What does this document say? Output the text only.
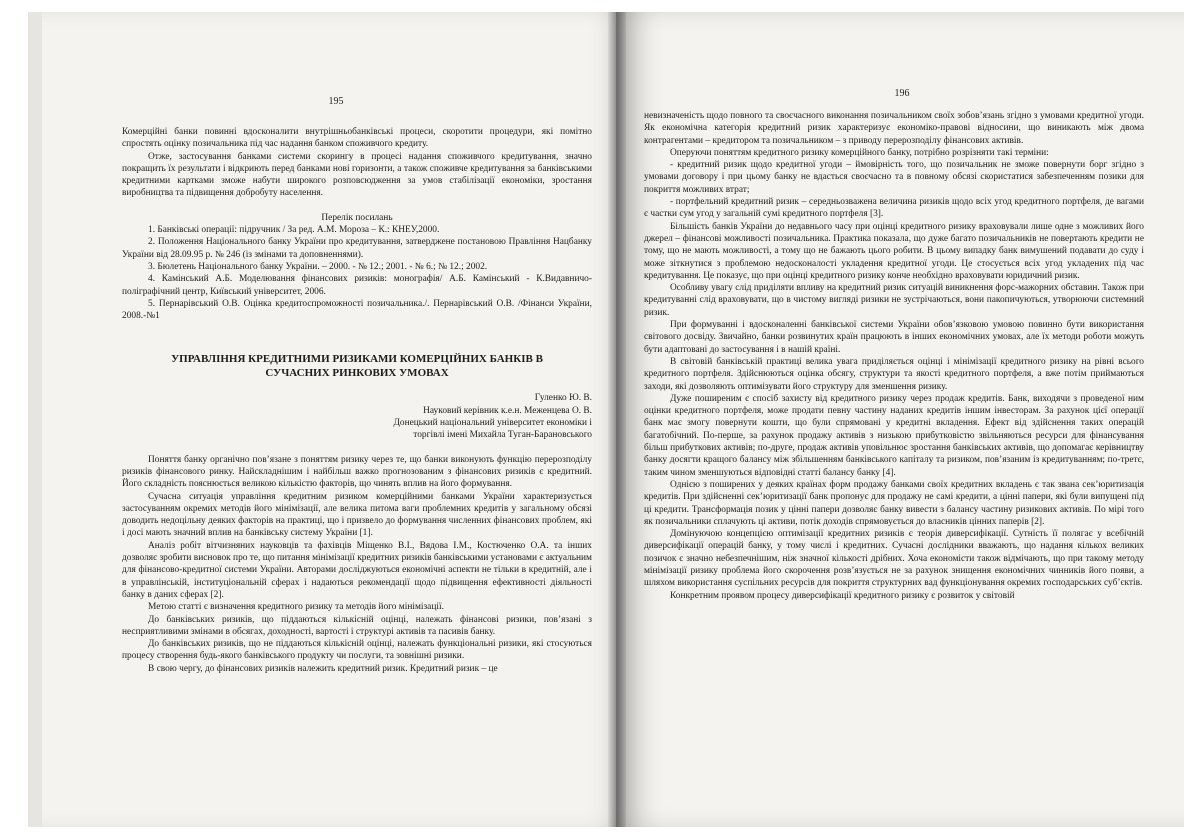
195

Комерційні банки повинні вдосконалити внутрішньобанківські процеси, скоротити процедури, які помітно спростять оцінку позичальника під час надання банком споживчого кредиту.

Отже, застосування банками системи скорингу в процесі надання споживчого кредитування, значно покращить їх результати і відкриють перед банками нові горизонти, а також споживче кредитування за банківськими кредитними картками зможе набути широкого розповсюдження за умов стабілізації економіки, зростання виробництва та підвищення добробуту населення.

Перелік посилань

1. Банківські операції: підручник / За ред. А.М. Мороза – К.: КНЕУ,2000.

2. Положення Національного банку України про кредитування, затверджене постановою Правління Нацбанку України від 28.09.95 р. № 246 (із змінами та доповненнями).

3. Бюлетень Національного банку України. – 2000. - № 12.; 2001. - № 6.; № 12.; 2002.

4. Камінський А.Б. Моделювання фінансових ризиків: монографія/ А.Б. Камінський - К.Видавничо-поліграфічний центр, Київський університет, 2006.

5. Пернарівський О.В. Оцінка кредитоспроможності позичальника./. Пернарівський О.В. /Фінанси України, 2008.-№1

УПРАВЛІННЯ КРЕДИТНИМИ РИЗИКАМИ КОМЕРЦІЙНИХ БАНКІВ В СУЧАСНИХ РИНКОВИХ УМОВАХ

Гуленко Ю. В.

Науковий керівник к.е.н. Меженцева О. В.

Донецький національний університет економіки і

торгівлі імені Михайла Туган-Барановського

Поняття банку органічно пов’язане з поняттям ризику через те, що банки виконують функцію перерозподілу ризиків фінансового ринку. Найскладнішим і найбільш важко прогнозованим з фінансових ризиків є кредитний. Його складність пояснюється великою кількістю факторів, що чинять вплив на його формування.

Сучасна ситуація управління кредитним ризиком комерційними банками України характеризується застосуванням окремих методів його мінімізації, але велика питома ваги проблемних кредитів у загальному обсязі доводить недоцільну деяких факторів на практиці, що і призвело до формування численних фінансових проблем, які і досі мають значний вплив на банківську систему України [1].

Аналіз робіт вітчизняних науковців та фахівців Міщенко В.І., Вядова І.М., Костюченко О.А. та інших дозволяє зробити висновок про те, що питання мінімізації кредитних ризиків банківськими установами є актуальним для фінансово-кредитної системи України. Авторами досліджуються економічні аспекти не тільки в кредитній, але і в управлінській, інституціональній сферах і надаються рекомендації щодо підвищення ефективності діяльності банку в даних сферах [2].

Метою статті є визначення кредитного ризику та методів його мінімізації.

До банківських ризиків, що піддаються кількісній оцінці, належать фінансові ризики, пов’язані з несприятливими змінами в обсягах, доходності, вартості і структурі активів та пасивів банку.

До банківських ризиків, що не піддаються кількісній оцінці, належать функціональні ризики, які стосуються процесу створення будь-якого банківського продукту чи послуги, та зовнішні ризики.

В свою чергу, до фінансових ризиків належить кредитний ризик. Кредитний ризик – це

196

невизначеність щодо повного та своєчасного виконання позичальником своїх зобов’язань згідно з умовами кредитної угоди. Як економічна категорія кредитний ризик характеризує економіко-правові відносини, що виникають між двома контрагентами – кредитором та позичальником – з приводу перерозподілу фінансових активів.

Оперуючи поняттям кредитного ризику комерційного банку, потрібно розрізняти такі терміни:

- кредитний ризик щодо кредитної угоди – ймовірність того, що позичальник не зможе повернути борг згідно з умовами договору і при цьому банку не вдасться своєчасно та в повному обсязі скористатися забезпеченням позики для покриття можливих втрат;

- портфельний кредитний ризик – середньозважена величина ризиків щодо всіх угод кредитного портфеля, де вагами є частки сум угод у загальній сумі кредитного портфеля [3].

Більшість банків України до недавнього часу при оцінці кредитного ризику враховували лише одне з можливих його джерел – фінансові можливості позичальника. Практика показала, що дуже багато позичальників не повертають кредити не тому, що не мають можливості, а тому що не бажають цього робити. В цьому випадку банк вимушений подавати до суду і може зіткнутися з проблемою недосконалості укладення кредитної угоди. Це стосується всіх угод укладених під час кредитування. Це показує, що при оцінці кредитного ризику конче необхідно враховувати юридичний ризик.

Особливу увагу слід приділяти впливу на кредитний ризик ситуацій виникнення форс-мажорних обставин. Також при кредитуванні слід враховувати, що в чистому вигляді ризики не зустрічаються, вони пакопичуються, утворюючи системний ризик.

При формуванні і вдосконаленні банківської системи України обов’язковою умовою повинно бути використання світового досвіду. Звичайно, банки розвинутих країн працюють в інших економічних умовах, але їх методи роботи можуть бути адаптовані до застосування і в нашій країні.

В світовій банківській практиці велика увага приділяється оцінці і мінімізації кредитного ризику на рівні всього кредитного портфеля. Здійснюються оцінка обсягу, структури та якості кредитного портфеля, а вже потім приймаються заходи, які дозволяють оптимізувати його структуру для зменшення ризику.

Дуже поширеним є спосіб захисту від кредитного ризику через продаж кредитів. Банк, виходячи з проведеної ним оцінки кредитного портфеля, може продати певну частину наданих кредитів іншим інвесторам. За рахунок цієї операції банк має змогу повернути кошти, що були спрямовані у кредитні вкладення. Ефект від здійснення таких операцій багатобічний. По-перше, за рахунок продажу активів з низькою прибутковістю звільняються ресурси для фінансування більш прибуткових активів; по-друге, продаж активів уповільнює зростання банківських активів, що допомагає керівництву банку досягти кращого балансу між збільшенням банківського капіталу та ризиком, пов’язаним із кредитуванням; по-третє, таким чином зменшуються відповідні статті балансу банку [4].

Однією з поширених у деяких країнах форм продажу банками своїх кредитних вкладень є так звана сек’юритизація кредитів. При здійсненні сек’юритизації банк пропонує для продажу не самі кредити, а цінні папери, які були випущені під ці кредити. Трансформація позик у цінні папери дозволяє банку вивести з балансу частину ризикових активів. По мірі того як позичальники сплачують ці активи, потік доходів спрямовується до власників цінних паперів [2].

Домінуючою концепцією оптимізації кредитних ризиків є теорія диверсифікації. Сутність її полягає у всебічній диверсифікації операцій банку, у тому числі і кредитних. Сучасні дослідники вважають, що надання кількох великих позичок є значно небезпечнішим, ніж значної кількості дрібних. Хоча економісти також відмічають, що при такому методу мінімізації ризику проблема його скорочення розв’язується не за рахунок знищення економічних чинників його появи, а шляхом використання суспільних ресурсів для покриття структурних вад функціонування окремих господарських суб’єктів.

Конкретним проявом процесу диверсифікації кредитного ризику є розвиток у світовій
